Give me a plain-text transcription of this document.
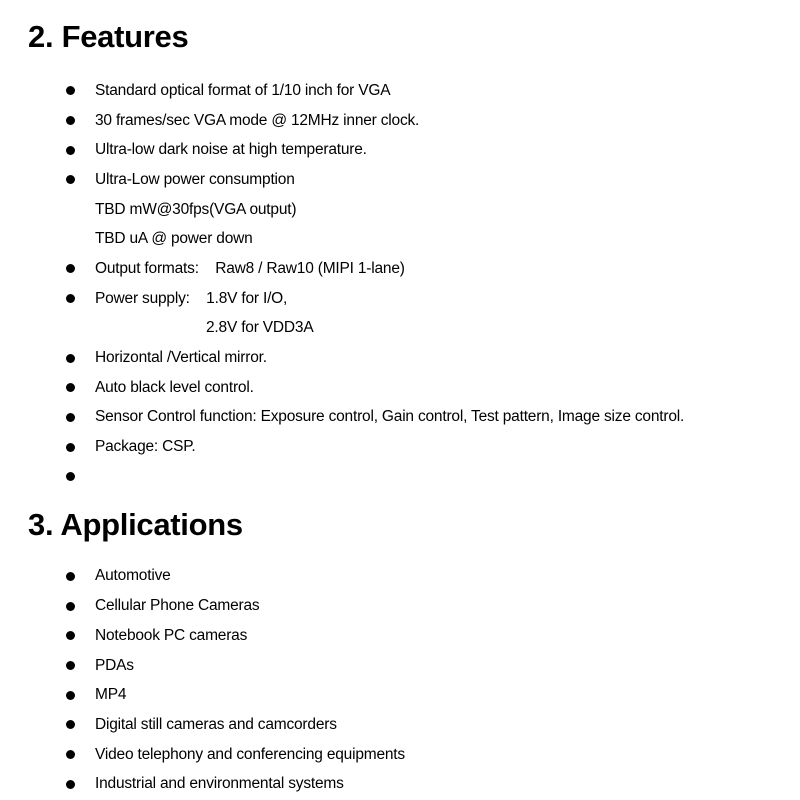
2. Features
Standard optical format of 1/10 inch for VGA
30 frames/sec VGA mode @ 12MHz inner clock.
Ultra-low dark noise at high temperature.
Ultra-Low power consumption
TBD mW@30fps(VGA output)
TBD uA @ power down
Output formats:    Raw8 / Raw10 (MIPI 1-lane)
Power supply:    1.8V for I/O,
2.8V for VDD3A
Horizontal /Vertical mirror.
Auto black level control.
Sensor Control function: Exposure control, Gain control, Test pattern, Image size control.
Package: CSP.
3. Applications
Automotive
Cellular Phone Cameras
Notebook PC cameras
PDAs
MP4
Digital still cameras and camcorders
Video telephony and conferencing equipments
Industrial and environmental systems
